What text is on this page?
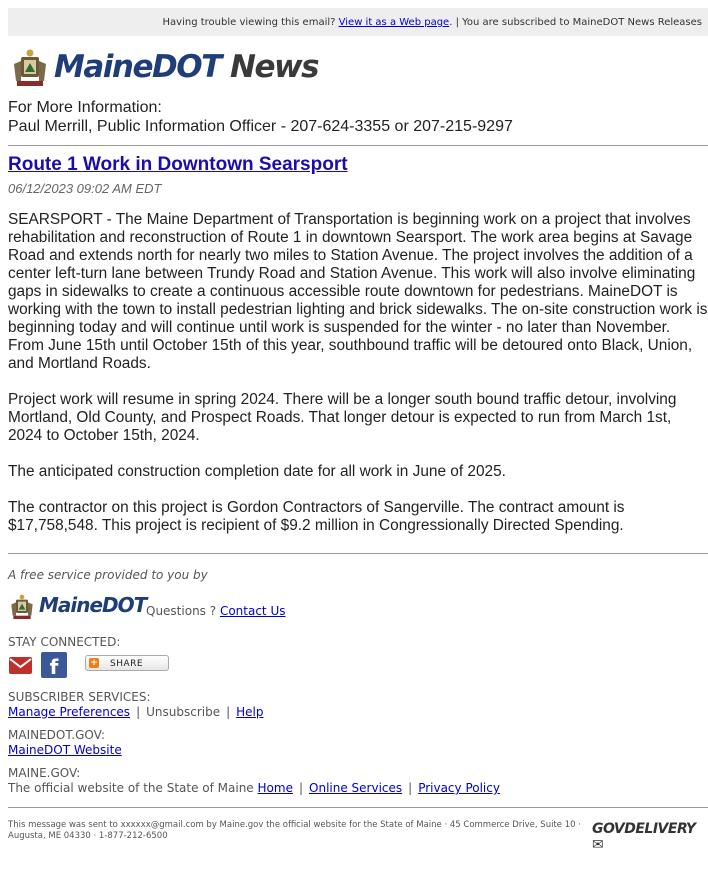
Having trouble viewing this email? View it as a Web page. | You are subscribed to MaineDOT News Releases
MaineDOT News
For More Information:
Paul Merrill, Public Information Officer - 207-624-3355 or 207-215-9297
Route 1 Work in Downtown Searsport
06/12/2023 09:02 AM EDT

SEARSPORT - The Maine Department of Transportation is beginning work on a project that involves rehabilitation and reconstruction of Route 1 in downtown Searsport. The work area begins at Savage Road and extends north for nearly two miles to Station Avenue. The project involves the addition of a center left-turn lane between Trundy Road and Station Avenue. This work will also involve eliminating gaps in sidewalks to create a continuous accessible route downtown for pedestrians. MaineDOT is working with the town to install pedestrian lighting and brick sidewalks. The on-site construction work is beginning today and will continue until work is suspended for the winter - no later than November. From June 15th until October 15th of this year, southbound traffic will be detoured onto Black, Union, and Mortland Roads.

Project work will resume in spring 2024. There will be a longer south bound traffic detour, involving Mortland, Old County, and Prospect Roads. That longer detour is expected to run from March 1st, 2024 to October 15th, 2024.

The anticipated construction completion date for all work in June of 2025.

The contractor on this project is Gordon Contractors of Sangerville. The contract amount is $17,758,548. This project is recipient of $9.2 million in Congressionally Directed Spending.

A free service provided to you by
MaineDOT Questions ? Contact Us
STAY CONNECTED:
f	+ SHARE
SUBSCRIBER SERVICES:
Manage Preferences | Unsubscribe | Help
MAINEDOT.GOV:
MaineDOT Website
MAINE.GOV:
The official website of the State of Maine Home | Online Services | Privacy Policy
This message was sent to xxxxxx@gmail.com by Maine.gov the official website for the State of Maine · 45 Commerce Drive, Suite 10 · Augusta, ME 04330 · 1-877-212-6500	GOVDELIVERY ✉
